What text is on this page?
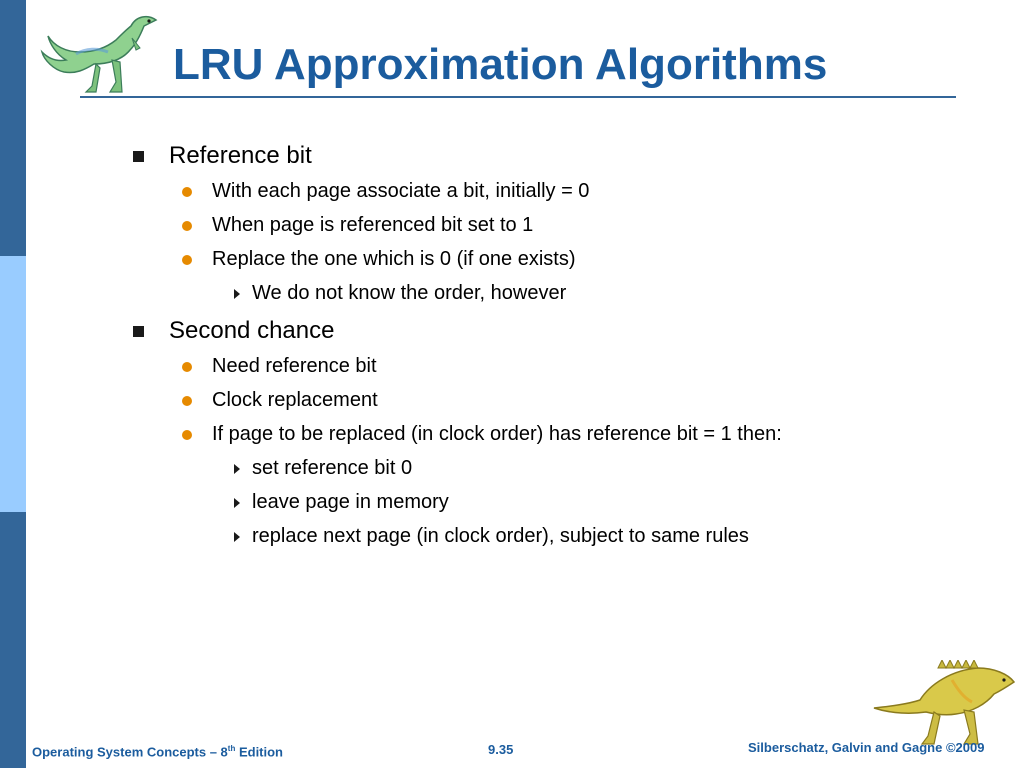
LRU Approximation Algorithms
Reference bit
With each page associate a bit, initially = 0
When page is referenced bit set to 1
Replace the one which is 0 (if one exists)
We do not know the order, however
Second chance
Need reference bit
Clock replacement
If page to be replaced (in clock order) has reference bit = 1 then:
set reference bit 0
leave page in memory
replace next page (in clock order), subject to same rules
Operating System Concepts – 8th Edition	9.35	Silberschatz, Galvin and Gagne ©2009
